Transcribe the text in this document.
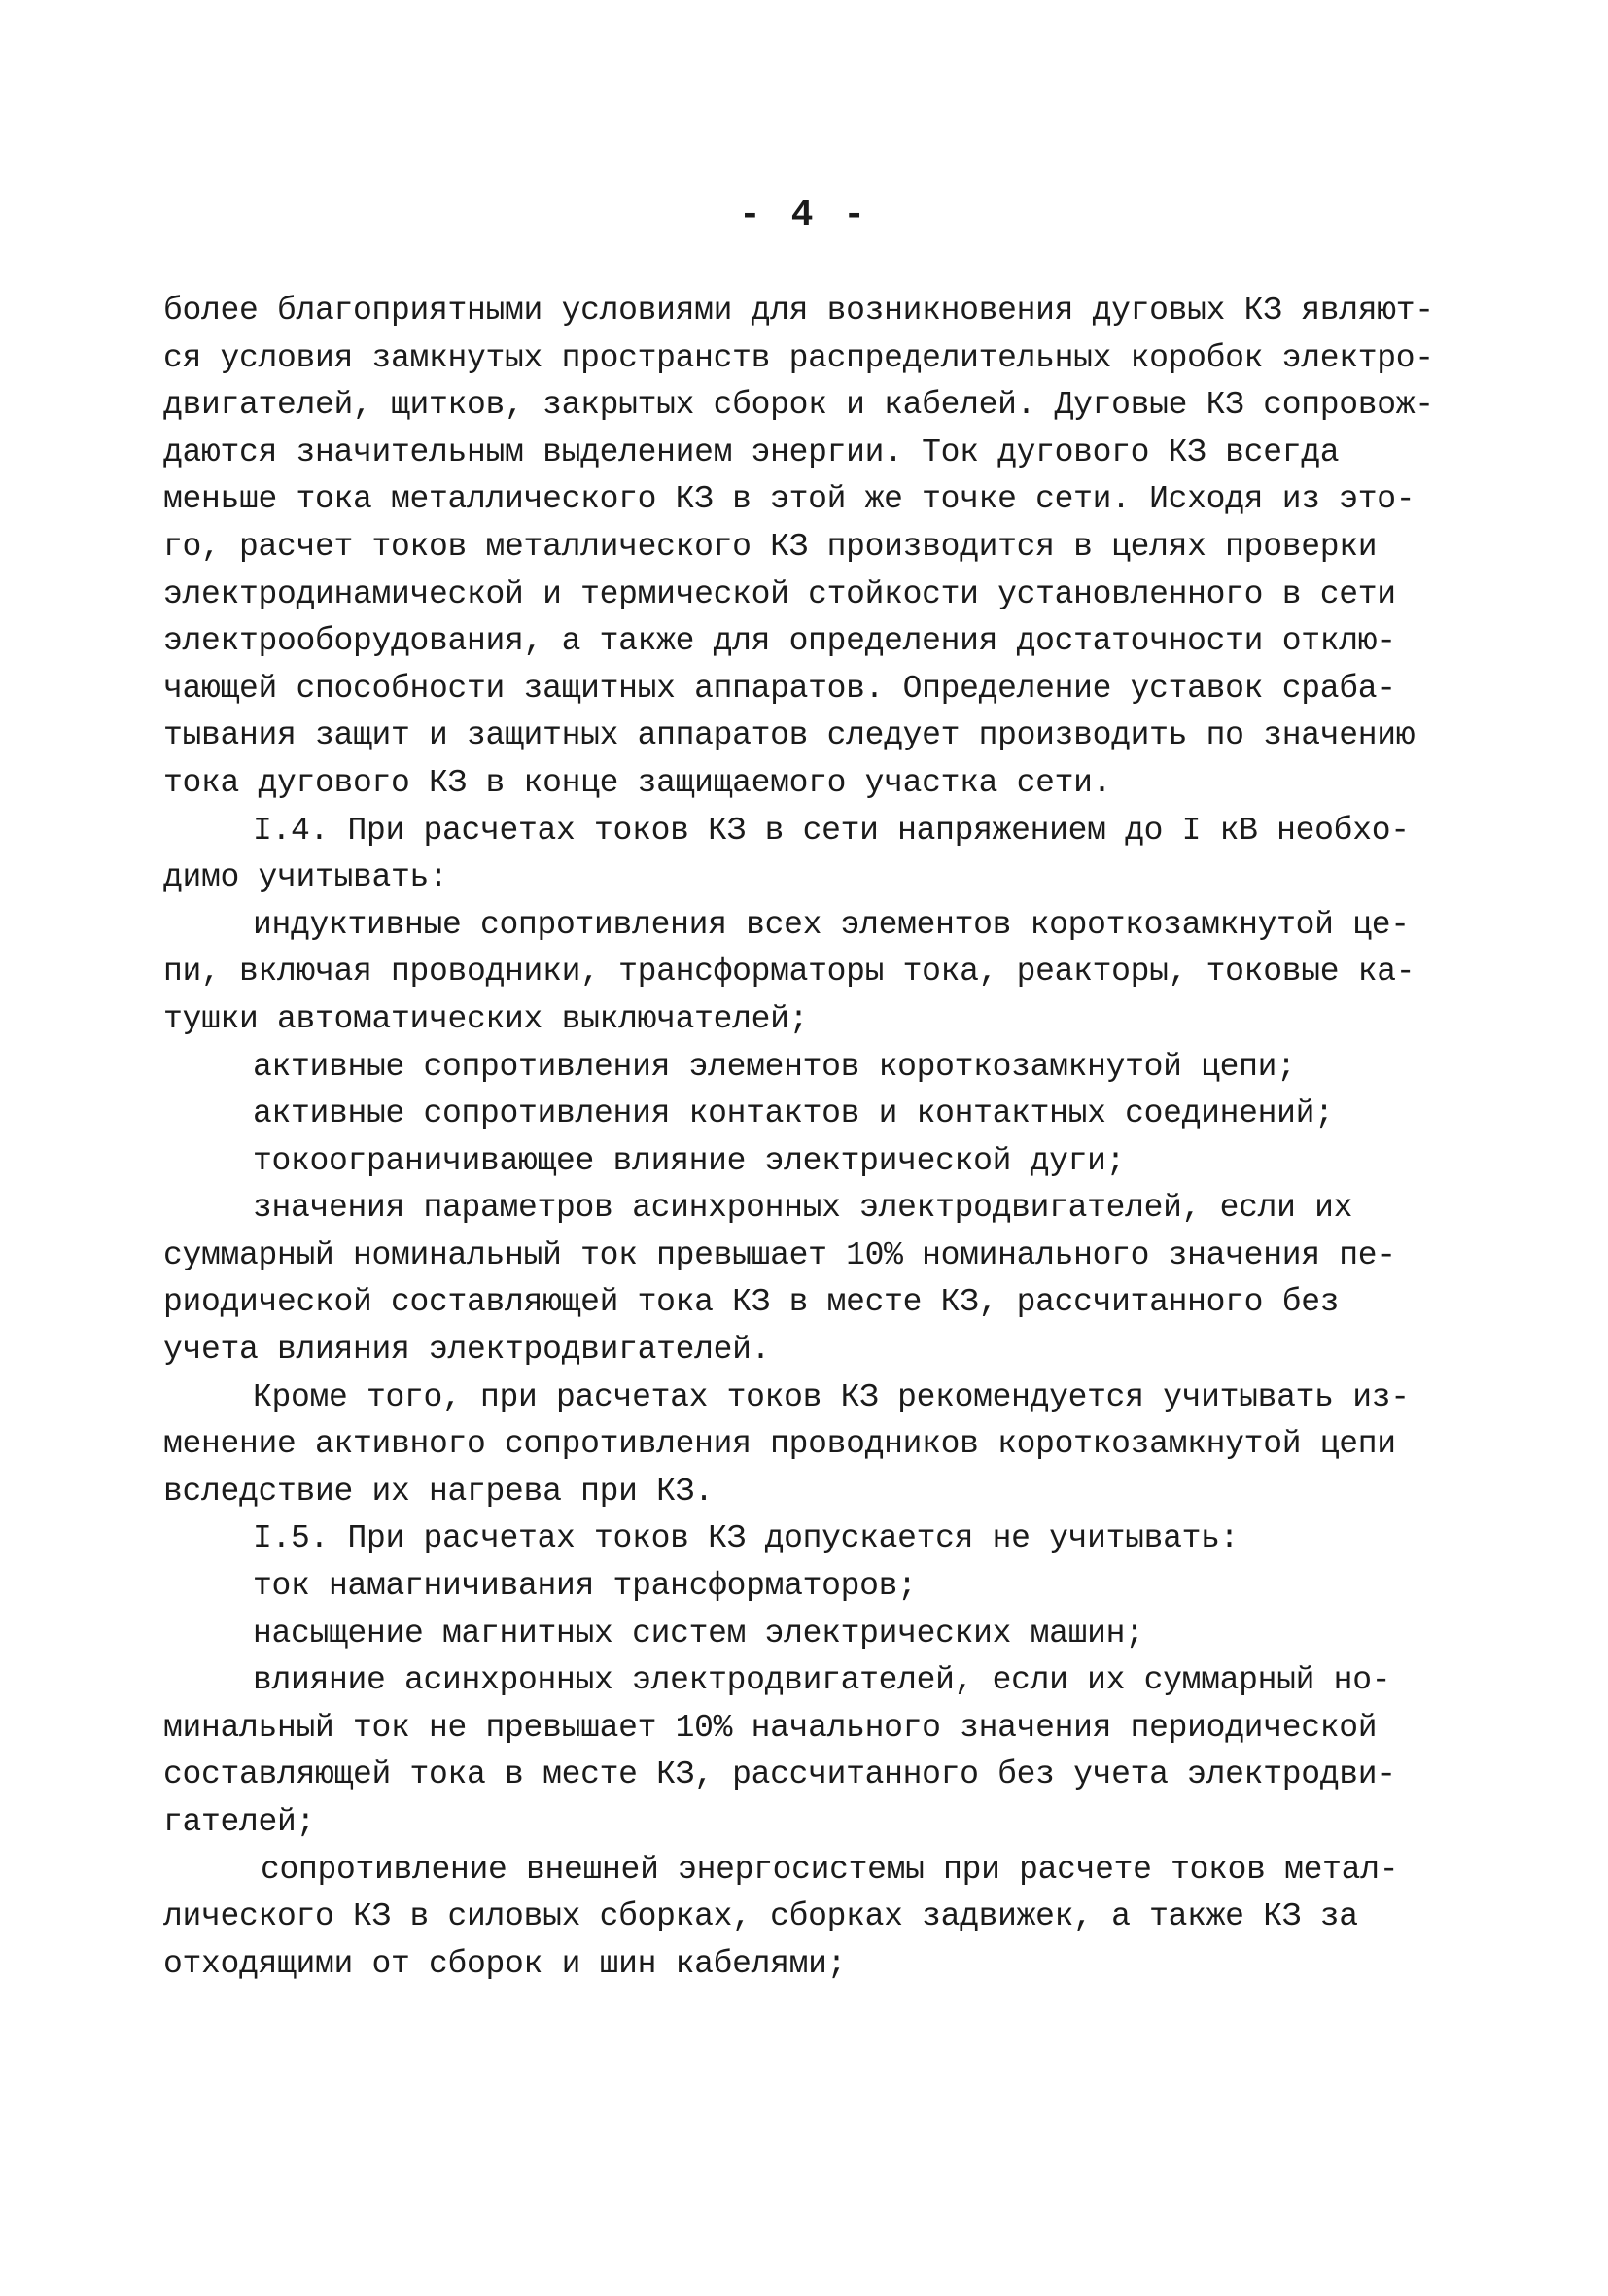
- 4 -
более благоприятными условиями для возникновения дуговых КЗ являют-
ся условия замкнутых пространств распределительных коробок электро-
двигателей, щитков, закрытых сборок и кабелей. Дуговые КЗ сопровож-
даются значительным выделением энергии. Ток дугового КЗ всегда
меньше тока металлического КЗ в этой же точке сети. Исходя из это-
го, расчет токов металлического КЗ производится в целях проверки
электродинамической и термической стойкости установленного в сети
электрооборудования, а также для определения достаточности отклю-
чающей способности защитных аппаратов. Определение уставок сраба-
тывания защит и защитных аппаратов следует производить по значению
тока дугового КЗ в конце защищаемого участка сети.
I.4. При расчетах токов КЗ в сети напряжением до I кВ необхо-
димо учитывать:
индуктивные сопротивления всех элементов короткозамкнутой це-
пи, включая проводники, трансформаторы тока, реакторы, токовые ка-
тушки автоматических выключателей;
активные сопротивления элементов короткозамкнутой цепи;
активные сопротивления контактов и контактных соединений;
токоограничивающее влияние электрической дуги;
значения параметров асинхронных электродвигателей, если их
суммарный номинальный ток превышает 10% номинального значения пе-
риодической составляющей тока КЗ в месте КЗ, рассчитанного без
учета влияния электродвигателей.
Кроме того, при расчетах токов КЗ рекомендуется учитывать из-
менение активного сопротивления проводников короткозамкнутой цепи
вследствие их нагрева при КЗ.
I.5. При расчетах токов КЗ допускается не учитывать:
ток намагничивания трансформаторов;
насыщение магнитных систем электрических машин;
влияние асинхронных электродвигателей, если их суммарный но-
минальный ток не превышает 10% начального значения периодической
составляющей тока в месте КЗ, рассчитанного без учета электродви-
гателей;
сопротивление внешней энергосистемы при расчете токов метал-
лического КЗ в силовых сборках, сборках задвижек, а также КЗ за
отходящими от сборок и шин кабелями;
